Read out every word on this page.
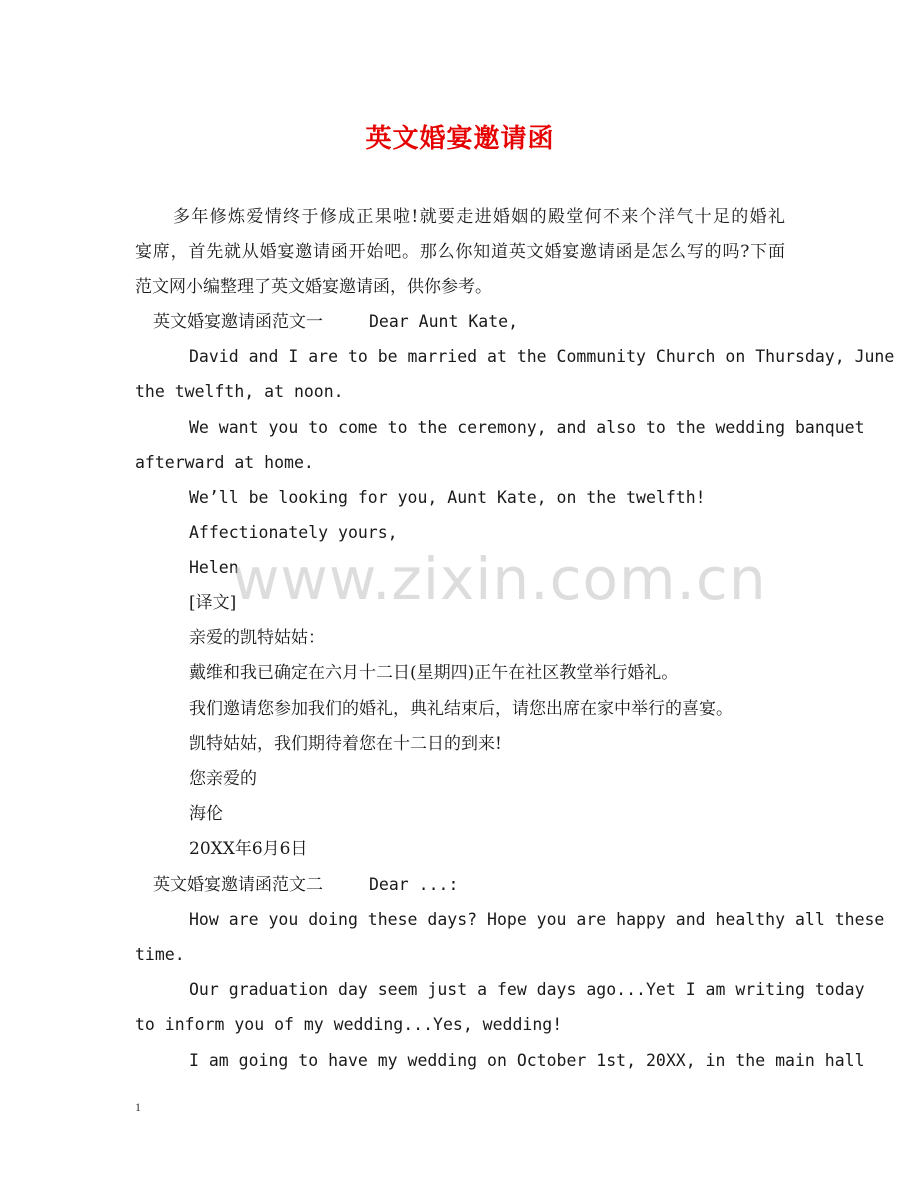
英文婚宴邀请函
多年修炼爱情终于修成正果啦!就要走进婚姻的殿堂何不来个洋气十足的婚礼
宴席，首先就从婚宴邀请函开始吧。那么你知道英文婚宴邀请函是怎么写的吗?下面
范文网小编整理了英文婚宴邀请函，供你参考。
英文婚宴邀请函范文一	Dear Aunt Kate,
David and I are to be married at the Community Church on Thursday, June
the twelfth, at noon.
We want you to come to the ceremony, and also to the wedding banquet
afterward at home.
We’ll be looking for you, Aunt Kate, on the twelfth!
Affectionately yours,
Helen
[译文]
亲爱的凯特姑姑：
戴维和我已确定在六月十二日(星期四)正午在社区教堂举行婚礼。
我们邀请您参加我们的婚礼，典礼结束后，请您出席在家中举行的喜宴。
凯特姑姑，我们期待着您在十二日的到来!
您亲爱的
海伦
20XX年6月6日
英文婚宴邀请函范文二	Dear ...:
How are you doing these days? Hope you are happy and healthy all these
time.
Our graduation day seem just a few days ago...Yet I am writing today
to inform you of my wedding...Yes, wedding!
I am going to have my wedding on October 1st, 20XX, in the main hall
www.zixin.com.cn
1
